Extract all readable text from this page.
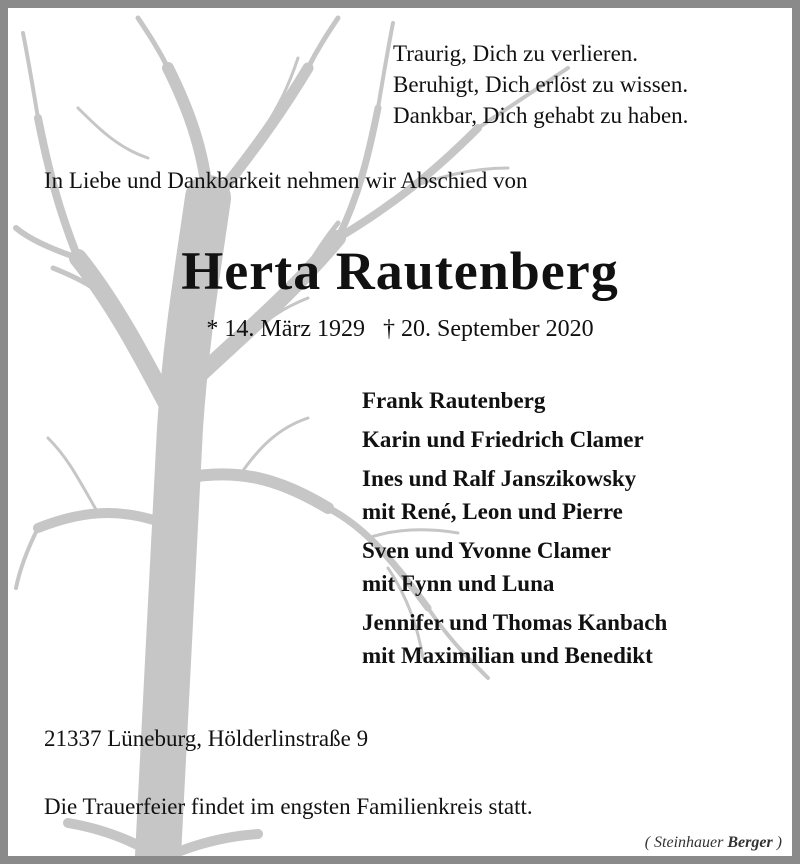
Traurig, Dich zu verlieren.
Beruhigt, Dich erlöst zu wissen.
Dankbar, Dich gehabt zu haben.
In Liebe und Dankbarkeit nehmen wir Abschied von
Herta Rautenberg
* 14. März 1929 † 20. September 2020
Frank Rautenberg
Karin und Friedrich Clamer
Ines und Ralf Janszikowsky
mit René, Leon und Pierre
Sven und Yvonne Clamer
mit Fynn und Luna
Jennifer und Thomas Kanbach
mit Maximilian und Benedikt
21337 Lüneburg, Hölderlinstraße 9
Die Trauerfeier findet im engsten Familienkreis statt.
( Steinhauer Berger )
